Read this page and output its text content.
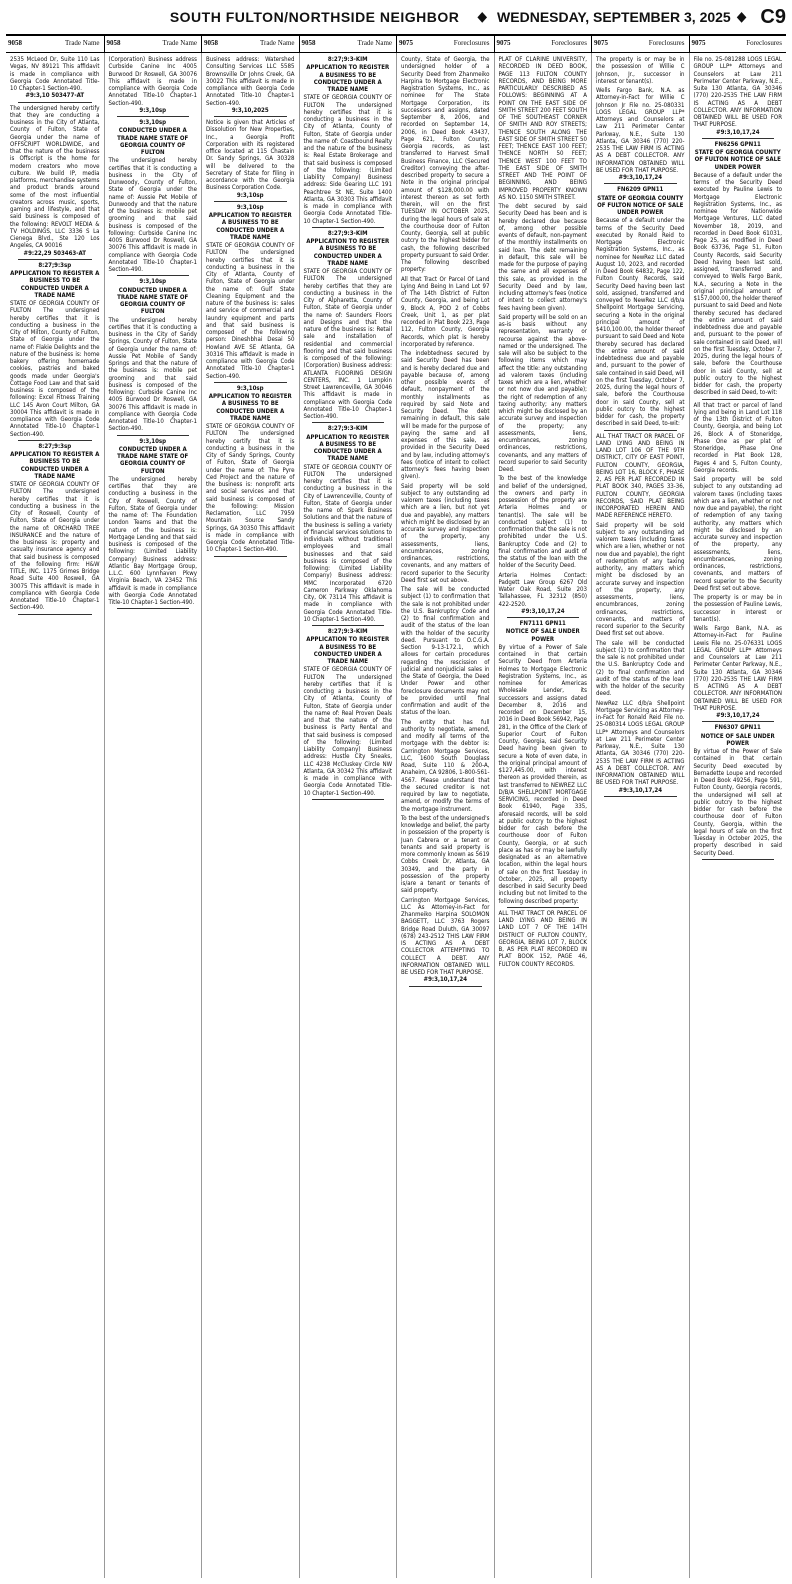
SOUTH FULTON/NORTHSIDE NEIGHBOR	◆ WEDNESDAY, SEPTEMBER 3, 2025 ◆ C9
9058	Trade Name 9058	Trade Name 9058	Trade Name 9058	Trade Name 9075	Foreclosures 9075	Foreclosures 9075	Foreclosures 9075	Foreclosures

2535 McLeod Dr, Suite 110 Las Vegas, NV 89121 This affidavit is made in compliance with Georgia Code Annotated Title-10 Chapter-1 Section-490.

#9:3,10 503477-AT

The undersigned hereby certify that they are conducting a business in the City of Atlanta, County of Fulton, State of Georgia under the name of OFFSCRIPT WORLDWIDE, and that the nature of the business is Offscript is the home for modern creators who move culture. We build IP, media platforms, merchandise systems and product brands around some of the most influential creators across music, sports, gaming and lifestyle, and that said business is composed of the following: REVOLT MEDIA & TV HOLDINGS, LLC 3336 S La Cienega Blvd., Ste 120 Los Angeles, CA 90016

#9:22,29 503463-AT
8:27;9:3sp
APPLICATION TO REGISTER A BUSINESS TO BE CONDUCTED UNDER A TRADE NAME

STATE OF GEORGIA COUNTY OF FULTON The undersigned hereby certifies that it is conducting a business in the City of Milton, County of Fulton, State of Georgia under the name of: Flakie Delights and the nature of the business is: home bakery offering homemade cookies, pastries and baked goods made under Georgia's Cottage Food Law and that said business is composed of the following: Excel Fitness Training LLC 145 Avon Court Milton, GA 30004 This affidavit is made in compliance with Georgia Code Annotated Title-10 Chapter-1 Section-490.

8:27;9:3sp
APPLICATION TO REGISTER A BUSINESS TO BE CONDUCTED UNDER A TRADE NAME

STATE OF GEORGIA COUNTY OF FULTON The undersigned hereby certifies that it is conducting a business in the City of Roswell, County of Fulton, State of Georgia under the name of: ORCHARD TREE INSURANCE and the nature of the business is: property and casualty insurance agency and that said business is composed of the following firm: H&W TITLE, INC. 1175 Grimes Bridge Road Suite 400 Roswell, GA 30075 This affidavit is made in compliance with Georgia Code Annotated Title-10 Chapter-1 Section-490.

(Corporation) Business address Curbside Canine Inc 4005 Burwood Dr Roswell, GA 30076 This affidavit is made in compliance with Georgia Code Annotated Title-10 Chapter-1 Section-490.

9:3,10sp
9:3,10sp
CONDUCTED UNDER A TRADE NAME STATE OF GEORGIA COUNTY OF FULTON

The undersigned hereby certifies that it is conducting a business in the City of Dunwoody, County of Fulton, State of Georgia under the name of: Aussie Pet Mobile of Dunwoody and that the nature of the business is: mobile pet grooming and that said business is composed of the following: Curbside Canine Inc 4005 Burwood Dr Roswell, GA 30076 This affidavit is made in compliance with Georgia Code Annotated Title-10 Chapter-1 Section-490.

9:3,10sp
CONDUCTED UNDER A TRADE NAME STATE OF GEORGIA COUNTY OF FULTON

The undersigned hereby certifies that it is conducting a business in the City of Sandy Springs, County of Fulton, State of Georgia under the name of: Aussie Pet Mobile of Sandy Springs and that the nature of the business is: mobile pet grooming and that said business is composed of the following: Curbside Canine Inc 4005 Burwood Dr Roswell, GA 30076 This affidavit is made in compliance with Georgia Code Annotated Title-10 Chapter-1 Section-490.

9:3,10sp
CONDUCTED UNDER A TRADE NAME STATE OF GEORGIA COUNTY OF FULTON

The undersigned hereby certifies that they are conducting a business in the City of Roswell, County of Fulton, State of Georgia under the name of: The Foundation London Teams and that the nature of the business is: Mortgage Lending and that said business is composed of the following: (Limited Liability Company) Business address: Atlantic Bay Mortgage Group, L.L.C. 600 Lynnhaven Pkwy Virginia Beach, VA 23452 This affidavit is made in compliance with Georgia Code Annotated Title-10 Chapter-1 Section-490.

Business address: Watershed Consulting Services LLC 5585 Brownsville Dr Johns Creek, GA 30022 This affidavit is made in compliance with Georgia Code Annotated Title-10 Chapter-1 Section-490.

9:3,10,2025

Notice is given that Articles of Dissolution for New Properties, Inc., a Georgia Profit Corporation with its registered office located at 115 Chastain Dr. Sandy Springs, GA 30328 will be delivered to the Secretary of State for filing in accordance with the Georgia Business Corporation Code.

9:3,10sp
9:3,10sp
APPLICATION TO REGISTER A BUSINESS TO BE CONDUCTED UNDER A TRADE NAME

STATE OF GEORGIA COUNTY OF FULTON The undersigned hereby certifies that it is conducting a business in the City of Atlanta, County of Fulton, State of Georgia under the name of: Gulf State Cleaning Equipment and the nature of the business is: sales and service of commercial and laundry equipment and parts and that said business is composed of the following person: Dineshbhai Desai 50 Howland AVE SE Atlanta, GA 30316 This affidavit is made in compliance with Georgia Code Annotated Title-10 Chapter-1 Section-490.

9:3,10sp
APPLICATION TO REGISTER A BUSINESS TO BE CONDUCTED UNDER A TRADE NAME

STATE OF GEORGIA COUNTY OF FULTON The undersigned hereby certify that it is conducting a business in the City of Sandy Springs, County of Fulton, State of Georgia under the name of: The Pyre Ced Project and the nature of the business is: nonprofit arts and social services and that said business is composed of the following: Mission Reclamation, LLC 7959 Mountain Source Sandy Springs, GA 30350 This affidavit is made in compliance with Georgia Code Annotated Title-10 Chapter-1 Section-490.

8:27;9:3-KIM
APPLICATION TO REGISTER A BUSINESS TO BE CONDUCTED UNDER A TRADE NAME

STATE OF GEORGIA COUNTY OF FULTON The undersigned hereby certifies that it is conducting a business in the City of Atlanta, County of Fulton, State of Georgia under the name of: Coastbound Realty and the nature of the business is: Real Estate Brokerage and that said business is composed of the following: (Limited Liability Company) Business address: Side Gearing LLC 191 Peachtree St NE, Suite 1400 Atlanta, GA 30303 This affidavit is made in compliance with Georgia Code Annotated Title-10 Chapter-1 Section-490.

8:27;9:3-KIM
APPLICATION TO REGISTER A BUSINESS TO BE CONDUCTED UNDER A TRADE NAME

STATE OF GEORGIA COUNTY OF FULTON The undersigned hereby certifies that they are conducting a business in the City of Alpharetta, County of Fulton, State of Georgia under the name of: Saunders Floors and Designs and that the nature of the business is: Retail sale and installation of residential and commercial flooring and that said business is composed of the following: (Corporation) Business address: ATLANTA FLOORING DESIGN CENTERS, INC. 1 Lumpkin Street Lawrenceville, GA 30046 This affidavit is made in compliance with Georgia Code Annotated Title-10 Chapter-1 Section-490.

8:27;9:3-KIM
APPLICATION TO REGISTER A BUSINESS TO BE CONDUCTED UNDER A TRADE NAME

STATE OF GEORGIA COUNTY OF FULTON The undersigned hereby certifies that it is conducting a business in the City of Lawrenceville, County of Fulton, State of Georgia under the name of: Spark Business Solutions and that the nature of the business is selling a variety of financial services solutions to individuals without traditional employees and small businesses and that said business is composed of the following: (Limited Liability Company) Business address: MMC Incorporated 6720 Cameron Parkway Oklahoma City, OK 73114 This affidavit is made in compliance with Georgia Code Annotated Title-10 Chapter-1 Section-490.

8:27;9:3-KIM
APPLICATION TO REGISTER A BUSINESS TO BE CONDUCTED UNDER A TRADE NAME

STATE OF GEORGIA COUNTY OF FULTON The undersigned hereby certifies that it is conducting a business in the City of Atlanta, County of Fulton, State of Georgia under the name of: Real Proven Deals and that the nature of the business is Party Rental and that said business is composed of the following: (Limited Liability Company) Business address: Hustle City Sneaks, LLC 4238 McCluskey Circle NW Atlanta, GA 30342 This affidavit is made in compliance with Georgia Code Annotated Title-10 Chapter-1 Section-490.

County, State of Georgia, the undersigned holder of a Security Deed from Zhanmeiko Harpina to Mortgage Electronic Registration Systems, Inc., as nominee for The State Mortgage Corporation, its successors and assigns, dated September 8, 2006, and recorded on September 14, 2006, in Deed Book 43437, Page 621, Fulton County, Georgia records, as last transferred to Harvest Small Business Finance, LLC (Secured Creditor) conveying the after-described property to secure a Note in the original principal amount of $128,000.00 with interest thereon as set forth therein, will on the first TUESDAY IN OCTOBER 2025, during the legal hours of sale at the courthouse door of Fulton County, Georgia, sell at public outcry to the highest bidder for cash, the following described property pursuant to said Order. The following described property:

All that Tract Or Parcel Of Land Lying And Being In Land Lot 97 of The 14th District of Fulton County, Georgia, and being Lot 9, Block A, POD 2 of Cobbs Creek, Unit 1, as per plat recorded in Plat Book 223, Page 112, Fulton County, Georgia Records, which plat is hereby incorporated by reference.

The indebtedness secured by said Security Deed has been and is hereby declared due and payable because of, among other possible events of default, nonpayment of the monthly installments as required by said Note and Security Deed. The debt remaining in default, this sale will be made for the purpose of paying the same and all expenses of this sale, as provided in the Security Deed and by law, including attorney's fees (notice of intent to collect attorney's fees having been given).

Said property will be sold subject to any outstanding ad valorem taxes (including taxes which are a lien, but not yet due and payable), any matters which might be disclosed by an accurate survey and inspection of the property, any assessments, liens, encumbrances, zoning ordinances, restrictions, covenants, and any matters of record superior to the Security Deed first set out above.

The sale will be conducted subject (1) to confirmation that the sale is not prohibited under the U.S. Bankruptcy Code and (2) to final confirmation and audit of the status of the loan with the holder of the security deed. Pursuant to O.C.G.A. Section 9-13-172.1, which allows for certain procedures regarding the rescission of judicial and nonjudicial sales in the State of Georgia, the Deed Under Power and other foreclosure documents may not be provided until final confirmation and audit of the status of the loan.

The entity that has full authority to negotiate, amend, and modify all terms of the mortgage with the debtor is: Carrington Mortgage Services, LLC, 1600 South Douglass Road, Suite 110 & 200-A, Anaheim, CA 92806, 1-800-561-4567. Please understand that the secured creditor is not required by law to negotiate, amend, or modify the terms of the mortgage instrument.

To the best of the undersigned's knowledge and belief, the party in possession of the property is Juan Cabrera or a tenant or tenants and said property is more commonly known as 5619 Cobbs Creek Dr, Atlanta, GA 30349, and the party in possession of the property is/are a tenant or tenants of said property.

Carrington Mortgage Services, LLC As Attorney-in-Fact for Zhanmeiko Harpina SOLOMON BAGGETT, LLC 3763 Rogers Bridge Road Duluth, GA 30097 (678) 243-2512 THIS LAW FIRM IS ACTING AS A DEBT COLLECTOR ATTEMPTING TO COLLECT A DEBT. ANY INFORMATION OBTAINED WILL BE USED FOR THAT PURPOSE.

#9:3,10,17,24

PLAT OF CLARINE UNIVERSITY, RECORDED IN DEED BOOK, PAGE 113 FULTON COUNTY RECORDS, AND BEING MORE PARTICULARLY DESCRIBED AS FOLLOWS: BEGINNING AT A POINT ON THE EAST SIDE OF SMITH STREET 200 FEET SOUTH OF THE SOUTHEAST CORNER OF SMITH AND ROY STREETS; THENCE SOUTH ALONG THE EAST SIDE OF SMITH STREET 50 FEET; THENCE EAST 100 FEET; THENCE NORTH 50 FEET; THENCE WEST 100 FEET TO THE EAST SIDE OF SMITH STREET AND THE POINT OF BEGINNING, AND BEING IMPROVED PROPERTY KNOWN AS NO. 1150 SMITH STREET.

The debt secured by said Security Deed has been and is hereby declared due because of, among other possible events of default, non-payment of the monthly installments on said loan. The debt remaining in default, this sale will be made for the purpose of paying the same and all expenses of this sale, as provided in the Security Deed and by law, including attorney's fees (notice of intent to collect attorney's fees having been given).

Said property will be sold on an as-is basis without any representation, warranty or recourse against the above-named or the undersigned. The sale will also be subject to the following items which may affect the title: any outstanding ad valorem taxes (including taxes which are a lien, whether or not now due and payable); the right of redemption of any taxing authority; any matters which might be disclosed by an accurate survey and inspection of the property; any assessments, liens, encumbrances, zoning ordinances, restrictions, covenants, and any matters of record superior to said Security Deed.

To the best of the knowledge and belief of the undersigned, the owners and party in possession of the property are Arteria Holmes and or tenant(s). The sale will be conducted subject (1) to confirmation that the sale is not prohibited under the U.S. Bankruptcy Code and (2) to final confirmation and audit of the status of the loan with the holder of the Security Deed.

Arteria Holmes Contact: Padgett Law Group 6267 Old Water Oak Road, Suite 203 Tallahassee, FL 32312 (850) 422-2520.

#9:3,10,17,24
FN7111 GPN11
NOTICE OF SALE UNDER POWER

By virtue of a Power of Sale contained in that certain Security Deed from Arteria Holmes to Mortgage Electronic Registration Systems, Inc., as nominee for Americas Wholesale Lender, its successors and assigns dated December 8, 2016 and recorded on December 15, 2016 in Deed Book 56942, Page 281, in the Office of the Clerk of Superior Court of Fulton County, Georgia, said Security Deed having been given to secure a Note of even date, in the original principal amount of $127,445.00, with interest thereon as provided therein, as last transferred to NEWREZ LLC D/B/A SHELLPOINT MORTGAGE SERVICING, recorded in Deed Book 61940, Page 335, aforesaid records, will be sold at public outcry to the highest bidder for cash before the courthouse door of Fulton County, Georgia, or at such place as has or may be lawfully designated as an alternative location, within the legal hours of sale on the first Tuesday in October, 2025, all property described in said Security Deed including but not limited to the following described property:

ALL THAT TRACT OR PARCEL OF LAND LYING AND BEING IN LAND LOT 7 OF THE 14TH DISTRICT OF FULTON COUNTY, GEORGIA, BEING LOT 7, BLOCK B, AS PER PLAT RECORDED IN PLAT BOOK 152, PAGE 46, FULTON COUNTY RECORDS.

The property is or may be in the possession of Willie C Johnson, Jr., successor in interest or tenant(s).

Wells Fargo Bank, N.A. as Attorney-in-Fact for Willie C Johnson Jr File no. 25-080331 LOGS LEGAL GROUP LLP* Attorneys and Counselors at Law 211 Perimeter Center Parkway, N.E., Suite 130 Atlanta, GA 30346 (770) 220-2535 THE LAW FIRM IS ACTING AS A DEBT COLLECTOR. ANY INFORMATION OBTAINED WILL BE USED FOR THAT PURPOSE.

#9:3,10,17,24
FN6209 GPN11
STATE OF GEORGIA COUNTY OF FULTON NOTICE OF SALE UNDER POWER

Because of a default under the terms of the Security Deed executed by Ronald Reid to Mortgage Electronic Registration Systems, Inc., as nominee for NewRez LLC dated August 10, 2023, and recorded in Deed Book 64832, Page 122, Fulton County Records, said Security Deed having been last sold, assigned, transferred and conveyed to NewRez LLC d/b/a Shellpoint Mortgage Servicing, securing a Note in the original principal amount of $410,100.00, the holder thereof pursuant to said Deed and Note thereby secured has declared the entire amount of said indebtedness due and payable and, pursuant to the power of sale contained in said Deed, will on the first Tuesday, October 7, 2025, during the legal hours of sale, before the Courthouse door in said County, sell at public outcry to the highest bidder for cash, the property described in said Deed, to-wit:

ALL THAT TRACT OR PARCEL OF LAND LYING AND BEING IN LAND LOT 106 OF THE 9TH DISTRICT, CITY OF EAST POINT, FULTON COUNTY, GEORGIA, BEING LOT 16, BLOCK F, PHASE 2, AS PER PLAT RECORDED IN PLAT BOOK 340, PAGES 33-36, FULTON COUNTY, GEORGIA RECORDS, SAID PLAT BEING INCORPORATED HEREIN AND MADE REFERENCE HERETO.

Said property will be sold subject to any outstanding ad valorem taxes (including taxes which are a lien, whether or not now due and payable), the right of redemption of any taxing authority, any matters which might be disclosed by an accurate survey and inspection of the property, any assessments, liens, encumbrances, zoning ordinances, restrictions, covenants, and matters of record superior to the Security Deed first set out above.

The sale will be conducted subject (1) to confirmation that the sale is not prohibited under the U.S. Bankruptcy Code and (2) to final confirmation and audit of the status of the loan with the holder of the security deed.

NewRez LLC d/b/a Shellpoint Mortgage Servicing as Attorney-in-Fact for Ronald Reid File no. 25-080314 LOGS LEGAL GROUP LLP* Attorneys and Counselors at Law 211 Perimeter Center Parkway, N.E., Suite 130 Atlanta, GA 30346 (770) 220-2535 THE LAW FIRM IS ACTING AS A DEBT COLLECTOR. ANY INFORMATION OBTAINED WILL BE USED FOR THAT PURPOSE.

#9:3,10,17,24

File no. 25-081288 LOGS LEGAL GROUP LLP* Attorneys and Counselors at Law 211 Perimeter Center Parkway, N.E., Suite 130 Atlanta, GA 30346 (770) 220-2535 THE LAW FIRM IS ACTING AS A DEBT COLLECTOR. ANY INFORMATION OBTAINED WILL BE USED FOR THAT PURPOSE.

#9:3,10,17,24
FN6256 GPN11
STATE OF GEORGIA COUNTY OF FULTON NOTICE OF SALE UNDER POWER

Because of a default under the terms of the Security Deed executed by Pauline Lewis to Mortgage Electronic Registration Systems, Inc., as nominee for Nationwide Mortgage Ventures, LLC dated November 18, 2019, and recorded in Deed Book 61031, Page 25, as modified in Deed Book 63736, Page 51, Fulton County Records, said Security Deed having been last sold, assigned, transferred and conveyed to Wells Fargo Bank, N.A., securing a Note in the original principal amount of $157,000.00, the holder thereof pursuant to said Deed and Note thereby secured has declared the entire amount of said indebtedness due and payable and, pursuant to the power of sale contained in said Deed, will on the first Tuesday, October 7, 2025, during the legal hours of sale, before the Courthouse door in said County, sell at public outcry to the highest bidder for cash, the property described in said Deed, to-wit:

All that tract or parcel of land lying and being in Land Lot 118 of the 13th District of Fulton County, Georgia, and being Lot 26, Block A of Stoneridge, Phase One as per plat of Stoneridge, Phase One recorded in Plat Book 128, Pages 4 and 5, Fulton County, Georgia records.

Said property will be sold subject to any outstanding ad valorem taxes (including taxes which are a lien, whether or not now due and payable), the right of redemption of any taxing authority, any matters which might be disclosed by an accurate survey and inspection of the property, any assessments, liens, encumbrances, zoning ordinances, restrictions, covenants, and matters of record superior to the Security Deed first set out above.

The property is or may be in the possession of Pauline Lewis, successor in interest or tenant(s).

Wells Fargo Bank, N.A. as Attorney-in-Fact for Pauline Lewis File no. 25-076331 LOGS LEGAL GROUP LLP* Attorneys and Counselors at Law 211 Perimeter Center Parkway, N.E., Suite 130 Atlanta, GA 30346 (770) 220-2535 THE LAW FIRM IS ACTING AS A DEBT COLLECTOR. ANY INFORMATION OBTAINED WILL BE USED FOR THAT PURPOSE.

#9:3,10,17,24
FN6307 GPN11
NOTICE OF SALE UNDER POWER

By virtue of the Power of Sale contained in that certain Security Deed executed by Bernadette Loupe and recorded in Deed Book 49256, Page 591, Fulton County, Georgia records, the undersigned will sell at public outcry to the highest bidder for cash before the courthouse door of Fulton County, Georgia, within the legal hours of sale on the first Tuesday in October 2025, the property described in said Security Deed.
